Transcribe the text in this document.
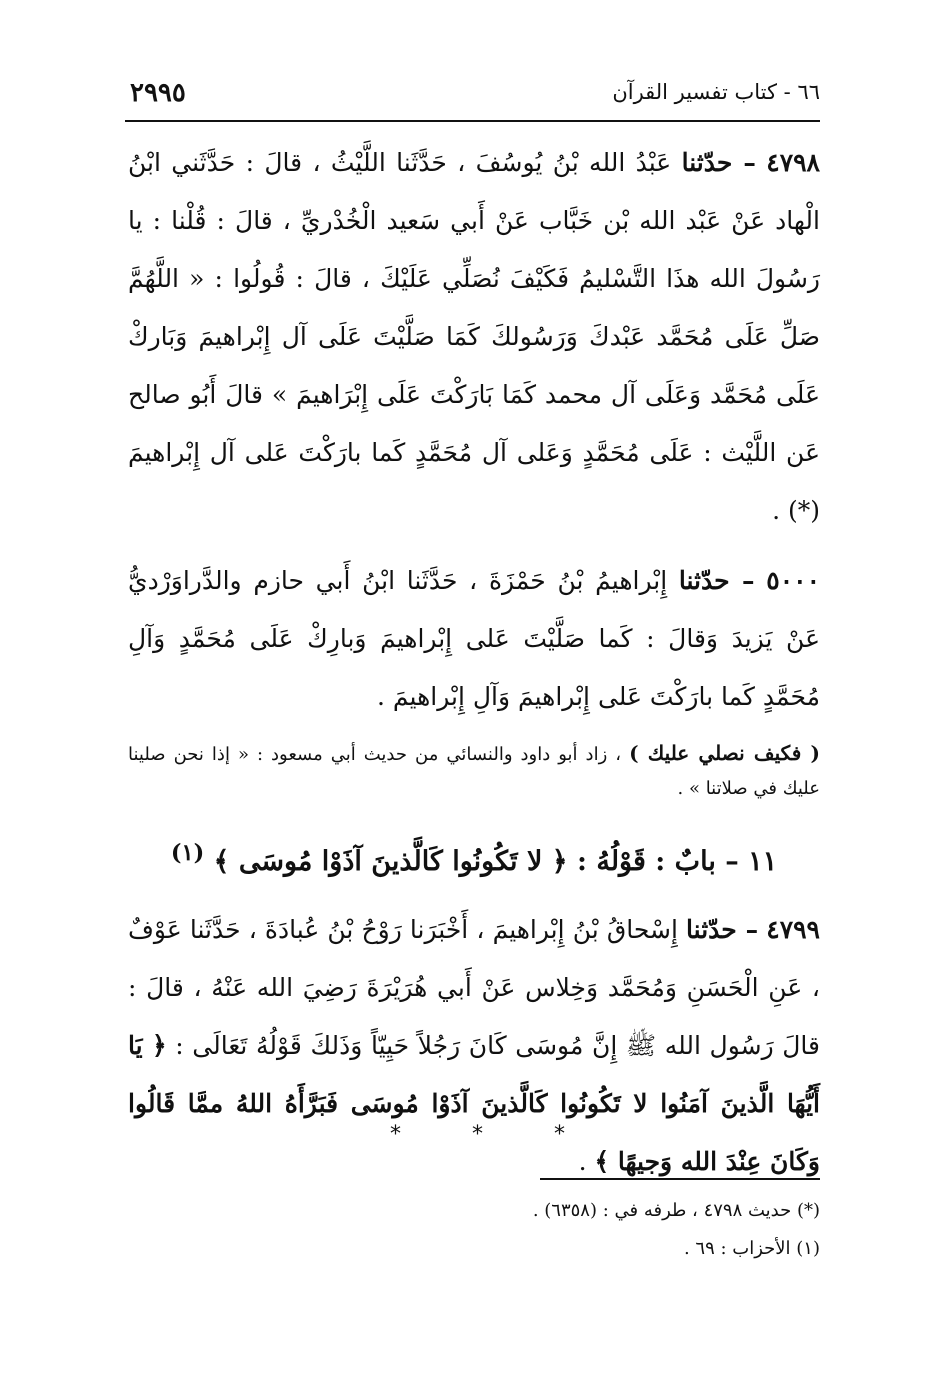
٢٩٩٥	٦٦ - كتاب تفسير القرآن

٤٧٩٨ – حدّثنا عَبْدُ الله بْنُ يُوسُفَ ، حَدَّثَنا اللَّيْثُ ، قالَ : حَدَّثَني ابْنُ الْهاد عَنْ عَبْد الله بْن خَبَّاب عَنْ أَبي سَعيد الْخُدْريِّ ، قالَ : قُلْنا : يا رَسُولَ الله هذَا التَّسْليمُ فَكَيْفَ نُصَلِّي عَلَيْكَ ، قالَ : قُولُوا : « اللَّهُمَّ صَلِّ عَلَى مُحَمَّد عَبْدكَ وَرَسُولكَ كَمَا صَلَّيْتَ عَلَى آل إِبْراهيمَ وَبَاركْ عَلَى مُحَمَّد وَعَلَى آل محمد كَمَا بَارَكْتَ عَلَى إِبْرَاهيمَ » قالَ أَبُو صالح عَن اللَّيْث : عَلَى مُحَمَّدٍ وَعَلى آل مُحَمَّدٍ كَما بارَكْتَ عَلى آل إِبْراهيمَ (*) .

٥٠٠٠ – حدّثنا إِبْراهيمُ بْنُ حَمْزَةَ ، حَدَّثَنا ابْنُ أَبي حازم والدَّراوَرْديُّ عَنْ يَزيدَ وَقالَ : كَما صَلَّيْتَ عَلى إِبْراهيمَ وَبارِكْ عَلَى مُحَمَّدٍ وَآلِ مُحَمَّدٍ كَما بارَكْتَ عَلى إِبْراهيمَ وَآلِ إِبْراهيمَ .

( فكيف نصلي عليك ) ، زاد أبو داود والنسائي من حديث أبي مسعود : « إذا نحن صلينا عليك في صلاتنا » .

١١ – بابٌ : قَوْلُهُ : ﴿ لا تَكُونُوا كَالَّذينَ آذَوْا مُوسَى ﴾ $^{(١)}$

٤٧٩٩ – حدّثنا إِسْحاقُ بْنُ إِبْراهيمَ ، أَخْبَرَنا رَوْحُ بْنُ عُبادَةَ ، حَدَّثَنا عَوْفٌ ، عَنِ الْحَسَنِ وَمُحَمَّد وَخِلاس عَنْ أَبي هُرَيْرَةَ رَضِيَ الله عَنْهُ ، قالَ : قالَ رَسُول الله ﷺ إِنَّ مُوسَى كَانَ رَجُلاً حَيِيّاً وَذَلكَ قَوْلُهُ تَعَالَى : ﴿ يَا أَيُّهَا الَّذينَ آمَنُوا لا تَكُونُوا كَالَّذينَ آذَوْا مُوسَى فَبَرَّأَهُ اللهُ ممَّا قَالُوا وَكَانَ عِنْدَ الله وَجيهًا ﴾ .

*	*	*

(*) حديث ٤٧٩٨ ، طرفه في : (٦٣٥٨) .

(١) الأحزاب : ٦٩ .
